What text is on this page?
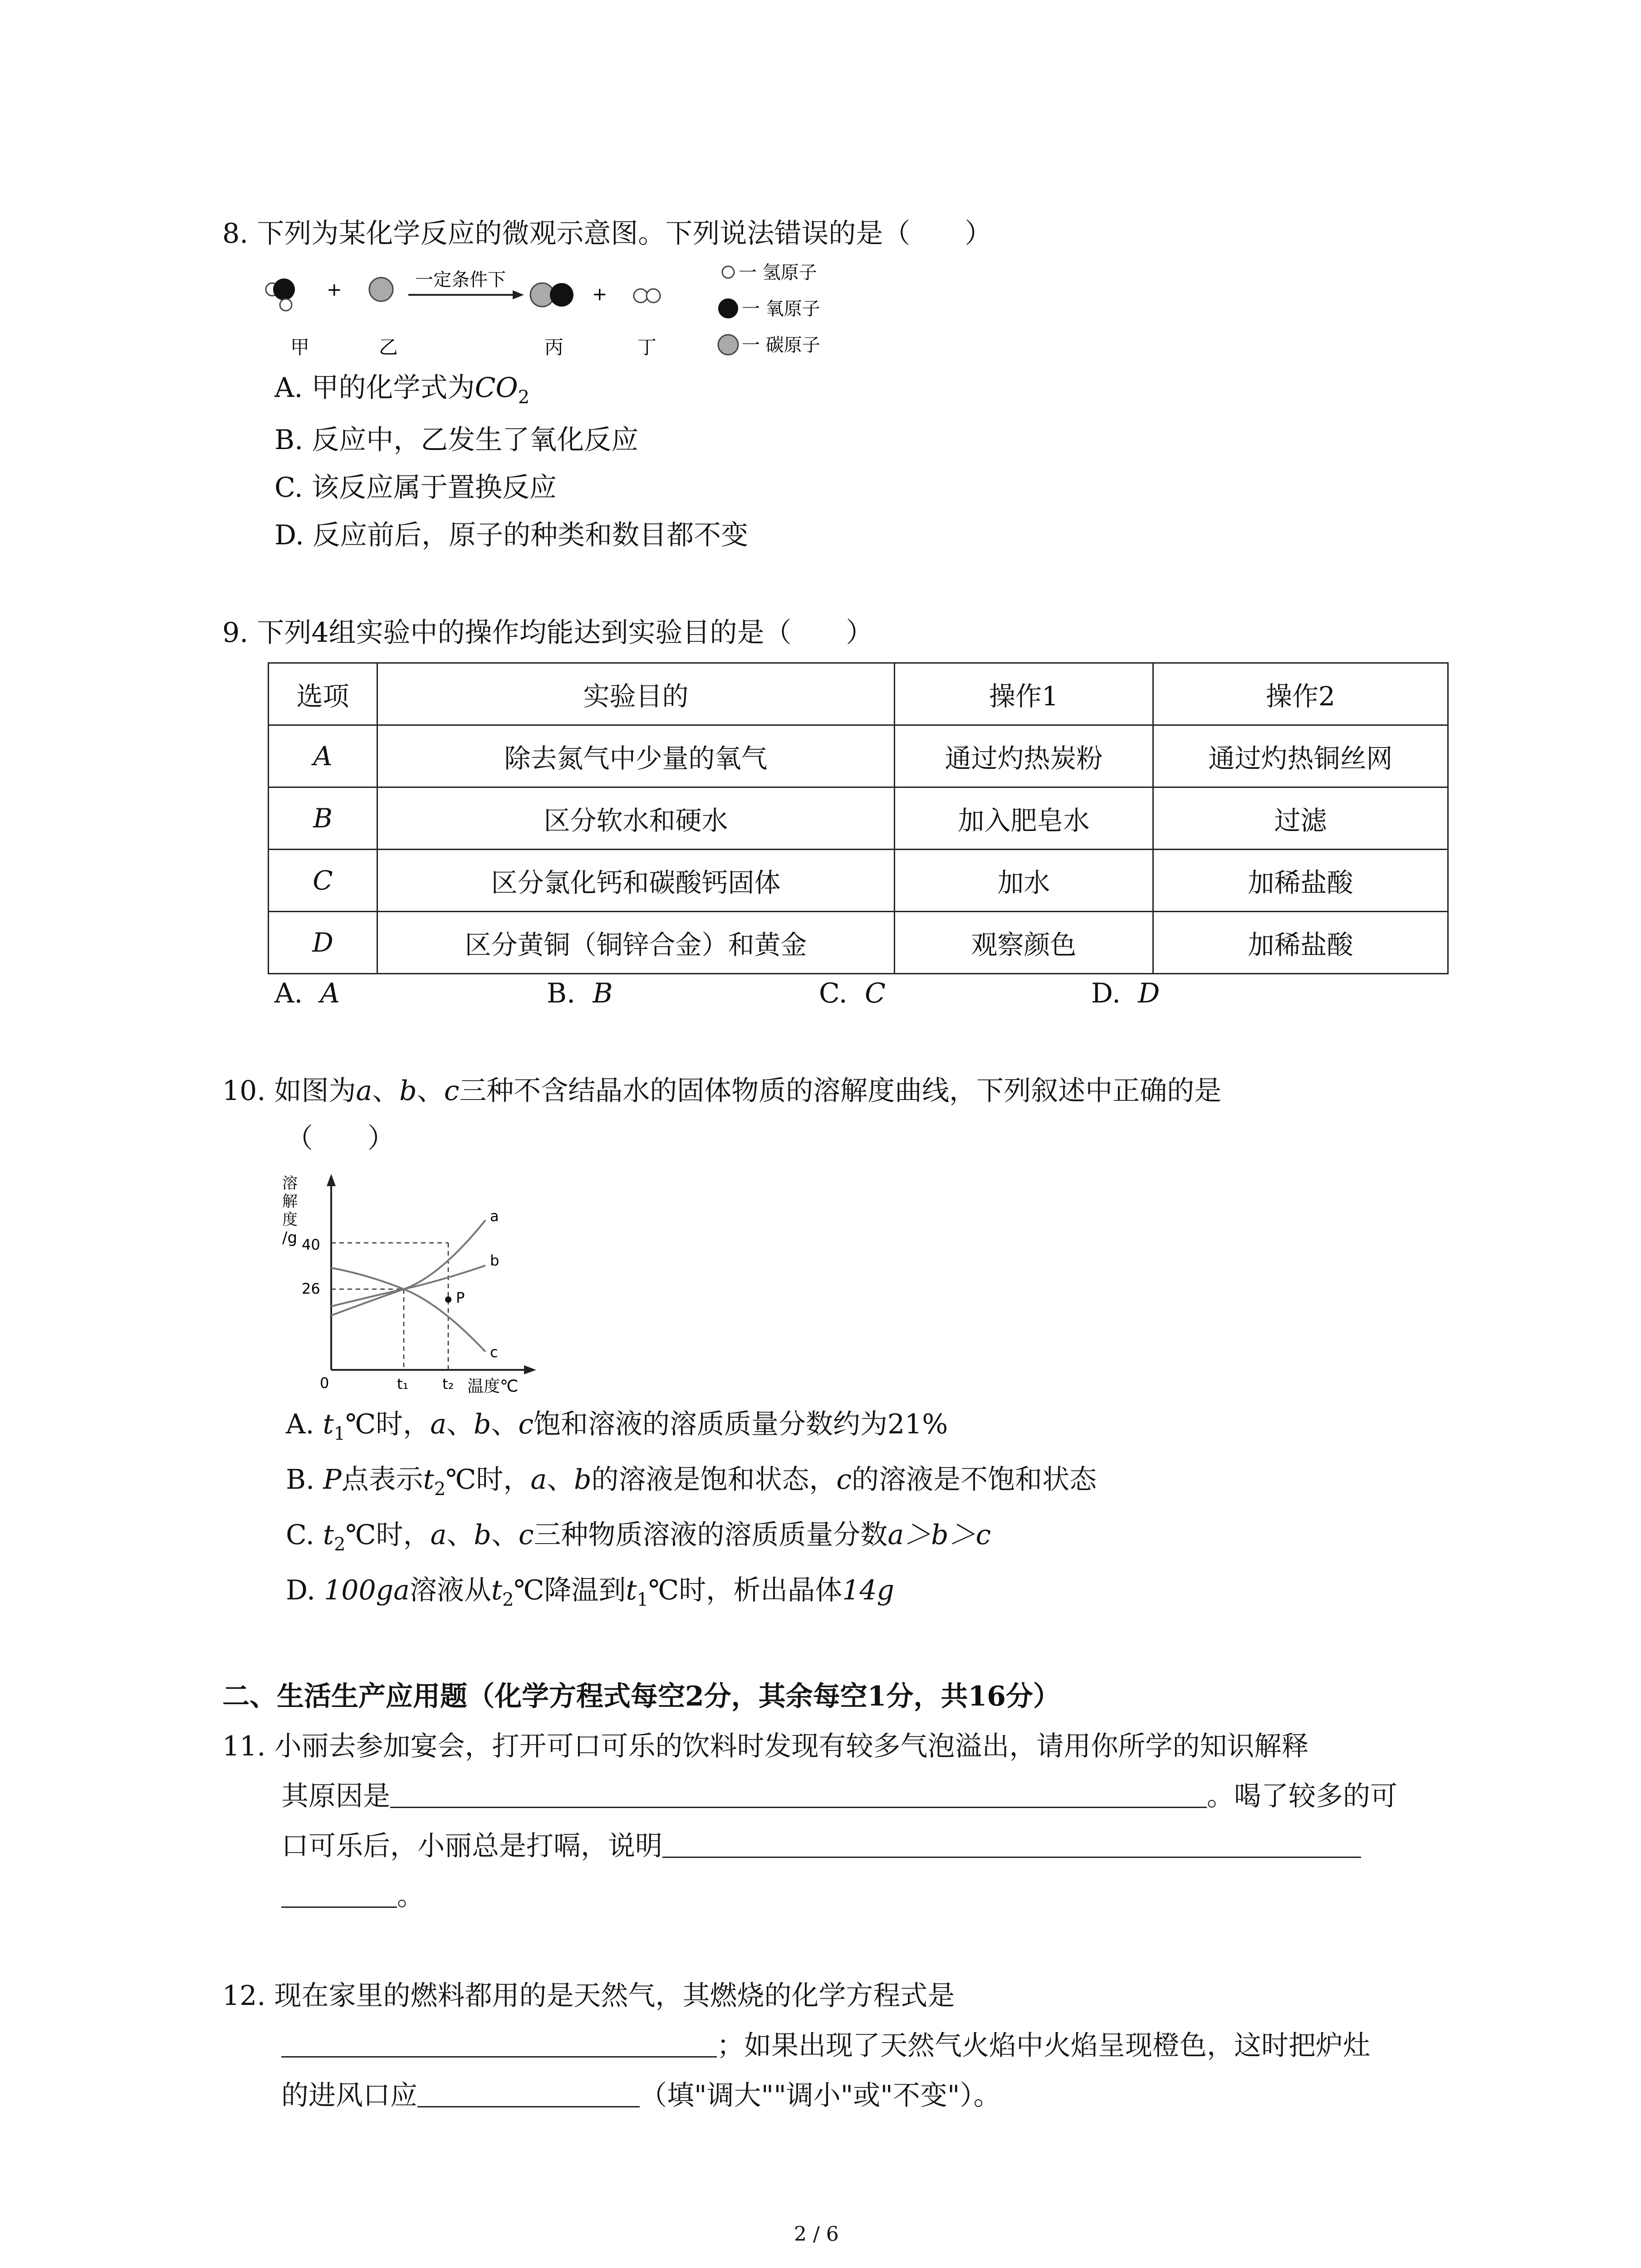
8. 下列为某化学反应的微观示意图。下列说法错误的是（　　）
+	一定条件下
+
甲	乙	丙	丁
一 氢原子
一 氧原子
一 碳原子
A. 甲的化学式为$CO_2$
B. 反应中，乙发生了氧化反应
C. 该反应属于置换反应
D. 反应前后，原子的种类和数目都不变
9. 下列4组实验中的操作均能达到实验目的是（　　）
选项	实验目的	操作1	操作2
A	除去氮气中少量的氧气	通过灼热炭粉	通过灼热铜丝网
B	区分软水和硬水	加入肥皂水	过滤
C	区分氯化钙和碳酸钙固体	加水	加稀盐酸
D	区分黄铜（铜锌合金）和黄金	观察颜色	加稀盐酸
A. A	B. B	C. C	D. D
10. 如图为a、b、c三种不含结晶水的固体物质的溶解度曲线，下列叙述中正确的是
（　　）
溶
解
度
/g 40
26
0	t₁ t₂ 温度℃
a
b
c
P
A. $t_1℃$时，a、b、c饱和溶液的溶质质量分数约为21%
B. P点表示$t_2℃$时，a、b的溶液是饱和状态，c的溶液是不饱和状态
C. $t_2℃$时，a、b、c三种物质溶液的溶质质量分数a＞b＞c
D. 100ga溶液从$t_2℃$降温到$t_1℃$时，析出晶体14g
二、生活生产应用题（化学方程式每空2分，其余每空1分，共16分）
11. 小丽去参加宴会，打开可口可乐的饮料时发现有较多气泡溢出，请用你所学的知识解释
其原因是	。喝了较多的可
口可乐后，小丽总是打嗝，说明
。
12. 现在家里的燃料都用的是天然气，其燃烧的化学方程式是
；如果出现了天然气火焰中火焰呈现橙色，这时把炉灶
的进风口应	（填"调大""调小"或"不变"）。
2 / 6
